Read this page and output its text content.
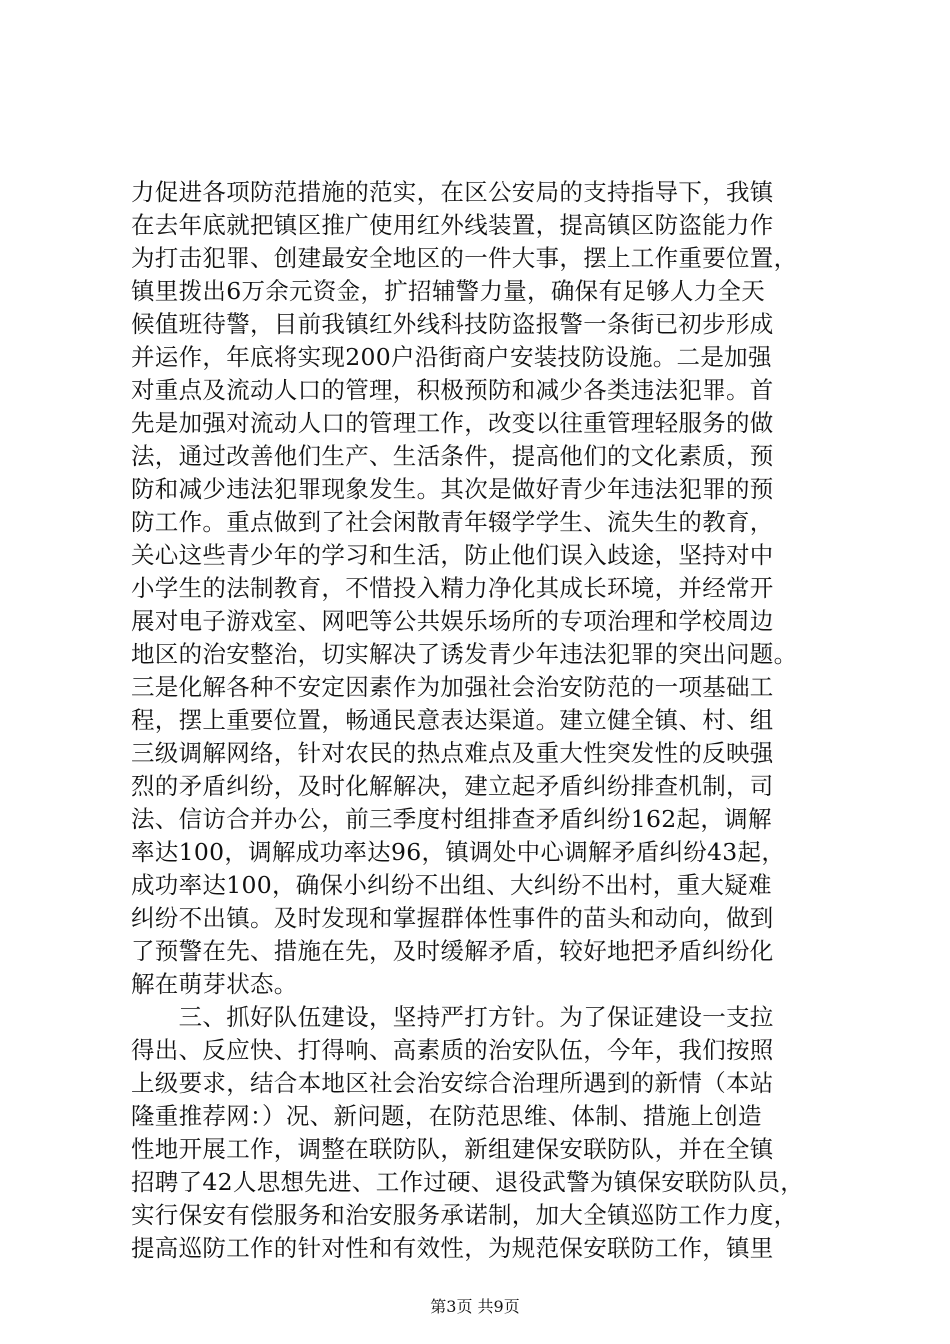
力促进各项防范措施的范实，在区公安局的支持指导下，我镇
在去年底就把镇区推广使用红外线装置，提高镇区防盗能力作
为打击犯罪、创建最安全地区的一件大事，摆上工作重要位置，
镇里拨出6万余元资金，扩招辅警力量，确保有足够人力全天
候值班待警，目前我镇红外线科技防盗报警一条街已初步形成
并运作，年底将实现200户沿街商户安装技防设施。二是加强
对重点及流动人口的管理，积极预防和减少各类违法犯罪。首
先是加强对流动人口的管理工作，改变以往重管理轻服务的做
法，通过改善他们生产、生活条件，提高他们的文化素质，预
防和减少违法犯罪现象发生。其次是做好青少年违法犯罪的预
防工作。重点做到了社会闲散青年辍学学生、流失生的教育，
关心这些青少年的学习和生活，防止他们误入歧途，坚持对中
小学生的法制教育，不惜投入精力净化其成长环境，并经常开
展对电子游戏室、网吧等公共娱乐场所的专项治理和学校周边
地区的治安整治，切实解决了诱发青少年违法犯罪的突出问题。
三是化解各种不安定因素作为加强社会治安防范的一项基础工
程，摆上重要位置，畅通民意表达渠道。建立健全镇、村、组
三级调解网络，针对农民的热点难点及重大性突发性的反映强
烈的矛盾纠纷，及时化解解决，建立起矛盾纠纷排查机制，司
法、信访合并办公，前三季度村组排查矛盾纠纷162起，调解
率达100，调解成功率达96，镇调处中心调解矛盾纠纷43起，
成功率达100，确保小纠纷不出组、大纠纷不出村，重大疑难
纠纷不出镇。及时发现和掌握群体性事件的苗头和动向，做到
了预警在先、措施在先，及时缓解矛盾，较好地把矛盾纠纷化
解在萌芽状态。
　　三、抓好队伍建设，坚持严打方针。为了保证建设一支拉
得出、反应快、打得响、高素质的治安队伍，今年，我们按照
上级要求，结合本地区社会治安综合治理所遇到的新情（本站
隆重推荐网：）况、新问题，在防范思维、体制、措施上创造
性地开展工作，调整在联防队，新组建保安联防队，并在全镇
招聘了42人思想先进、工作过硬、退役武警为镇保安联防队员，
实行保安有偿服务和治安服务承诺制，加大全镇巡防工作力度，
提高巡防工作的针对性和有效性，为规范保安联防工作，镇里
第3页 共9页
